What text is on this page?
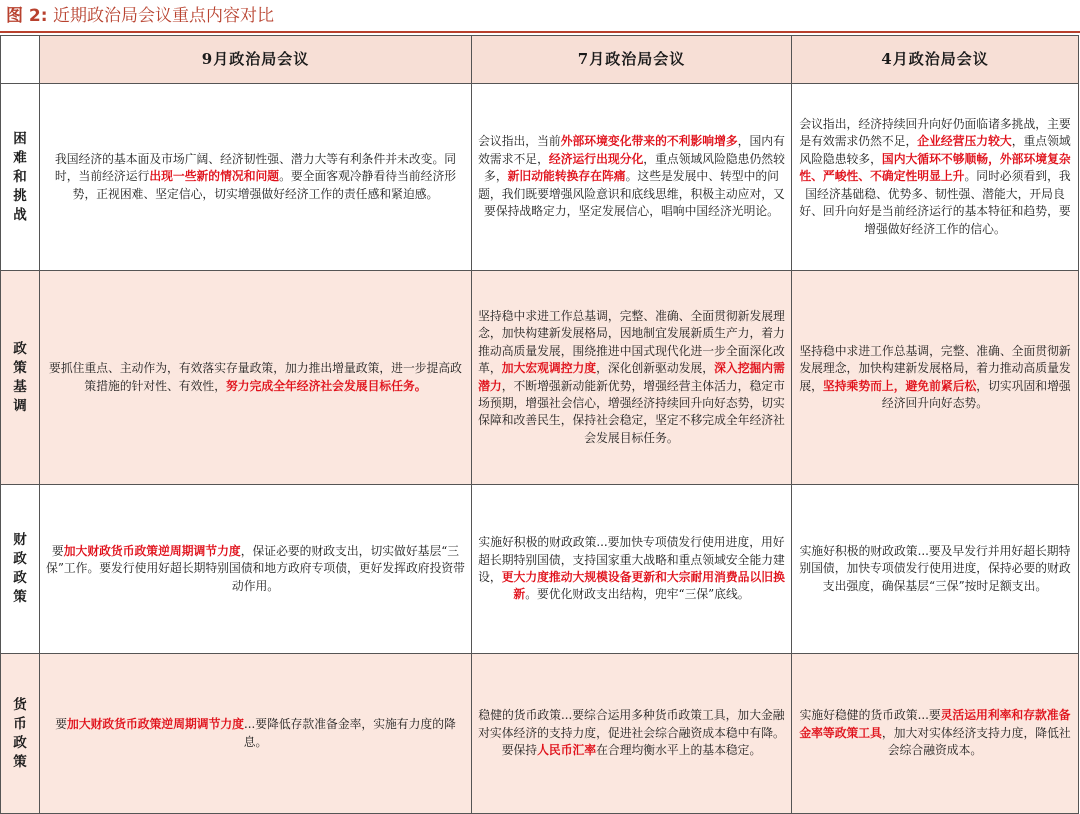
图 2: 近期政治局会议重点内容对比
	9月政治局会议	7月政治局会议	4月政治局会议
困难和挑战	我国经济的基本面及市场广阔、经济韧性强、潜力大等有利条件并未改变。同时，当前经济运行出现一些新的情况和问题。要全面客观冷静看待当前经济形势，正视困难、坚定信心，切实增强做好经济工作的责任感和紧迫感。	会议指出，当前外部环境变化带来的不利影响增多，国内有效需求不足，经济运行出现分化，重点领域风险隐患仍然较多，新旧动能转换存在阵痛。这些是发展中、转型中的问题，我们既要增强风险意识和底线思维，积极主动应对，又要保持战略定力，坚定发展信心，唱响中国经济光明论。	会议指出，经济持续回升向好仍面临诸多挑战，主要是有效需求仍然不足，企业经营压力较大，重点领域风险隐患较多，国内大循环不够顺畅，外部环境复杂性、严峻性、不确定性明显上升。同时必须看到，我国经济基础稳、优势多、韧性强、潜能大，开局良好、回升向好是当前经济运行的基本特征和趋势，要增强做好经济工作的信心。
政策基调	要抓住重点、主动作为，有效落实存量政策，加力推出增量政策，进一步提高政策措施的针对性、有效性，努力完成全年经济社会发展目标任务。	坚持稳中求进工作总基调，完整、准确、全面贯彻新发展理念，加快构建新发展格局，因地制宜发展新质生产力，着力推动高质量发展，围绕推进中国式现代化进一步全面深化改革，加大宏观调控力度，深化创新驱动发展，深入挖掘内需潜力，不断增强新动能新优势，增强经营主体活力，稳定市场预期，增强社会信心，增强经济持续回升向好态势，切实保障和改善民生，保持社会稳定，坚定不移完成全年经济社会发展目标任务。	坚持稳中求进工作总基调，完整、准确、全面贯彻新发展理念，加快构建新发展格局，着力推动高质量发展，坚持乘势而上，避免前紧后松，切实巩固和增强经济回升向好态势。
财政政策	要加大财政货币政策逆周期调节力度，保证必要的财政支出，切实做好基层“三保”工作。要发行使用好超长期特别国债和地方政府专项债，更好发挥政府投资带动作用。	实施好积极的财政政策...要加快专项债发行使用进度，用好超长期特别国债，支持国家重大战略和重点领域安全能力建设，更大力度推动大规模设备更新和大宗耐用消费品以旧换新。要优化财政支出结构，兜牢“三保”底线。	实施好积极的财政政策...要及早发行并用好超长期特别国债，加快专项债发行使用进度，保持必要的财政支出强度，确保基层“三保”按时足额支出。
货币政策	要加大财政货币政策逆周期调节力度...要降低存款准备金率，实施有力度的降息。	稳健的货币政策...要综合运用多种货币政策工具，加大金融对实体经济的支持力度，促进社会综合融资成本稳中有降。要保持人民币汇率在合理均衡水平上的基本稳定。	实施好稳健的货币政策...要灵活运用利率和存款准备金率等政策工具，加大对实体经济支持力度，降低社会综合融资成本。
